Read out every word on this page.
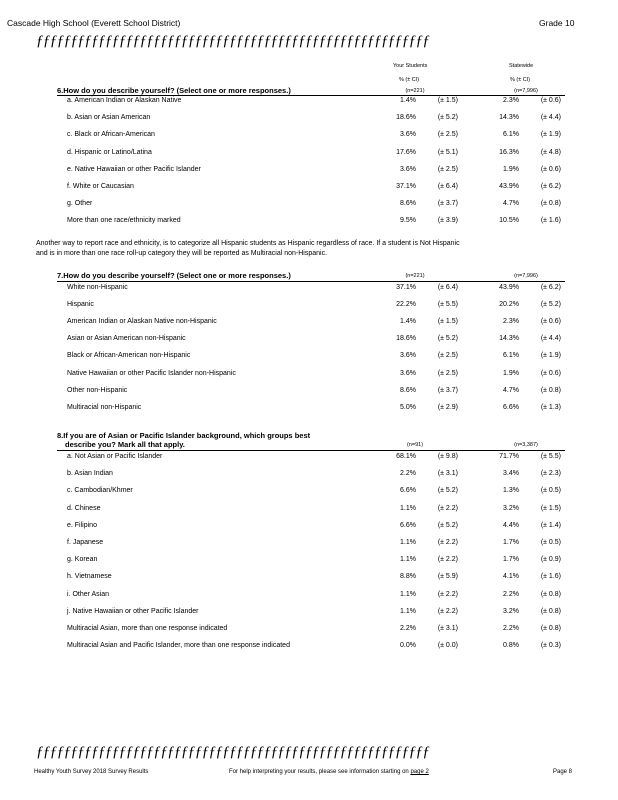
Cascade High School (Everett School District)	Grade 10
ƒƒƒƒƒƒƒƒƒƒƒƒƒƒƒƒƒƒƒƒƒƒƒƒƒƒƒƒƒƒƒƒƒƒƒƒƒƒƒƒƒƒƒƒƒƒƒƒƒƒƒƒƒƒƒƒƒ
Your Students	Statewide
% (± CI)	% (± CI)
6.How do you describe yourself? (Select one or more responses.)	(n=221)	(n=7,996)
a. American Indian or Alaskan Native	1.4%	(± 1.5)	2.3%	(± 0.6)
b. Asian or Asian American	18.6%	(± 5.2)	14.3%	(± 4.4)
c. Black or African-American	3.6%	(± 2.5)	6.1%	(± 1.9)
d. Hispanic or Latino/Latina	17.6%	(± 5.1)	16.3%	(± 4.8)
e. Native Hawaiian or other Pacific Islander	3.6%	(± 2.5)	1.9%	(± 0.6)
f. White or Caucasian	37.1%	(± 6.4)	43.9%	(± 6.2)
g. Other	8.6%	(± 3.7)	4.7%	(± 0.8)
More than one race/ethnicity marked	9.5%	(± 3.9)	10.5%	(± 1.6)
Another way to report race and ethnicity, is to categorize all Hispanic students as Hispanic regardless of race. If a student is Not Hispanic
and is in more than one race roll-up category they will be reported as Multiracial non-Hispanic.
7.How do you describe yourself? (Select one or more responses.)	(n=221)	(n=7,996)
White non-Hispanic	37.1%	(± 6.4)	43.9%	(± 6.2)
Hispanic	22.2%	(± 5.5)	20.2%	(± 5.2)
American Indian or Alaskan Native non-Hispanic	1.4%	(± 1.5)	2.3%	(± 0.6)
Asian or Asian American non-Hispanic	18.6%	(± 5.2)	14.3%	(± 4.4)
Black or African-American non-Hispanic	3.6%	(± 2.5)	6.1%	(± 1.9)
Native Hawaiian or other Pacific Islander non-Hispanic	3.6%	(± 2.5)	1.9%	(± 0.6)
Other non-Hispanic	8.6%	(± 3.7)	4.7%	(± 0.8)
Multiracial non-Hispanic	5.0%	(± 2.9)	6.6%	(± 1.3)
8.If you are of Asian or Pacific Islander background, which groups best
describe you? Mark all that apply.	(n=91)	(n=3,387)
a. Not Asian or Pacific Islander	68.1%	(± 9.8)	71.7%	(± 5.5)
b. Asian Indian	2.2%	(± 3.1)	3.4%	(± 2.3)
c. Cambodian/Khmer	6.6%	(± 5.2)	1.3%	(± 0.5)
d. Chinese	1.1%	(± 2.2)	3.2%	(± 1.5)
e. Filipino	6.6%	(± 5.2)	4.4%	(± 1.4)
f. Japanese	1.1%	(± 2.2)	1.7%	(± 0.5)
g. Korean	1.1%	(± 2.2)	1.7%	(± 0.9)
h. Vietnamese	8.8%	(± 5.9)	4.1%	(± 1.6)
i. Other Asian	1.1%	(± 2.2)	2.2%	(± 0.8)
j. Native Hawaiian or other Pacific Islander	1.1%	(± 2.2)	3.2%	(± 0.8)
Multiracial Asian, more than one response indicated	2.2%	(± 3.1)	2.2%	(± 0.8)
Multiracial Asian and Pacific Islander, more than one response indicated	0.0%	(± 0.0)	0.8%	(± 0.3)
ƒƒƒƒƒƒƒƒƒƒƒƒƒƒƒƒƒƒƒƒƒƒƒƒƒƒƒƒƒƒƒƒƒƒƒƒƒƒƒƒƒƒƒƒƒƒƒƒƒƒƒƒƒƒƒƒƒ
Healthy Youth Survey 2018 Survey Results	For help interpreting your results, please see information starting on page 2	Page 8
